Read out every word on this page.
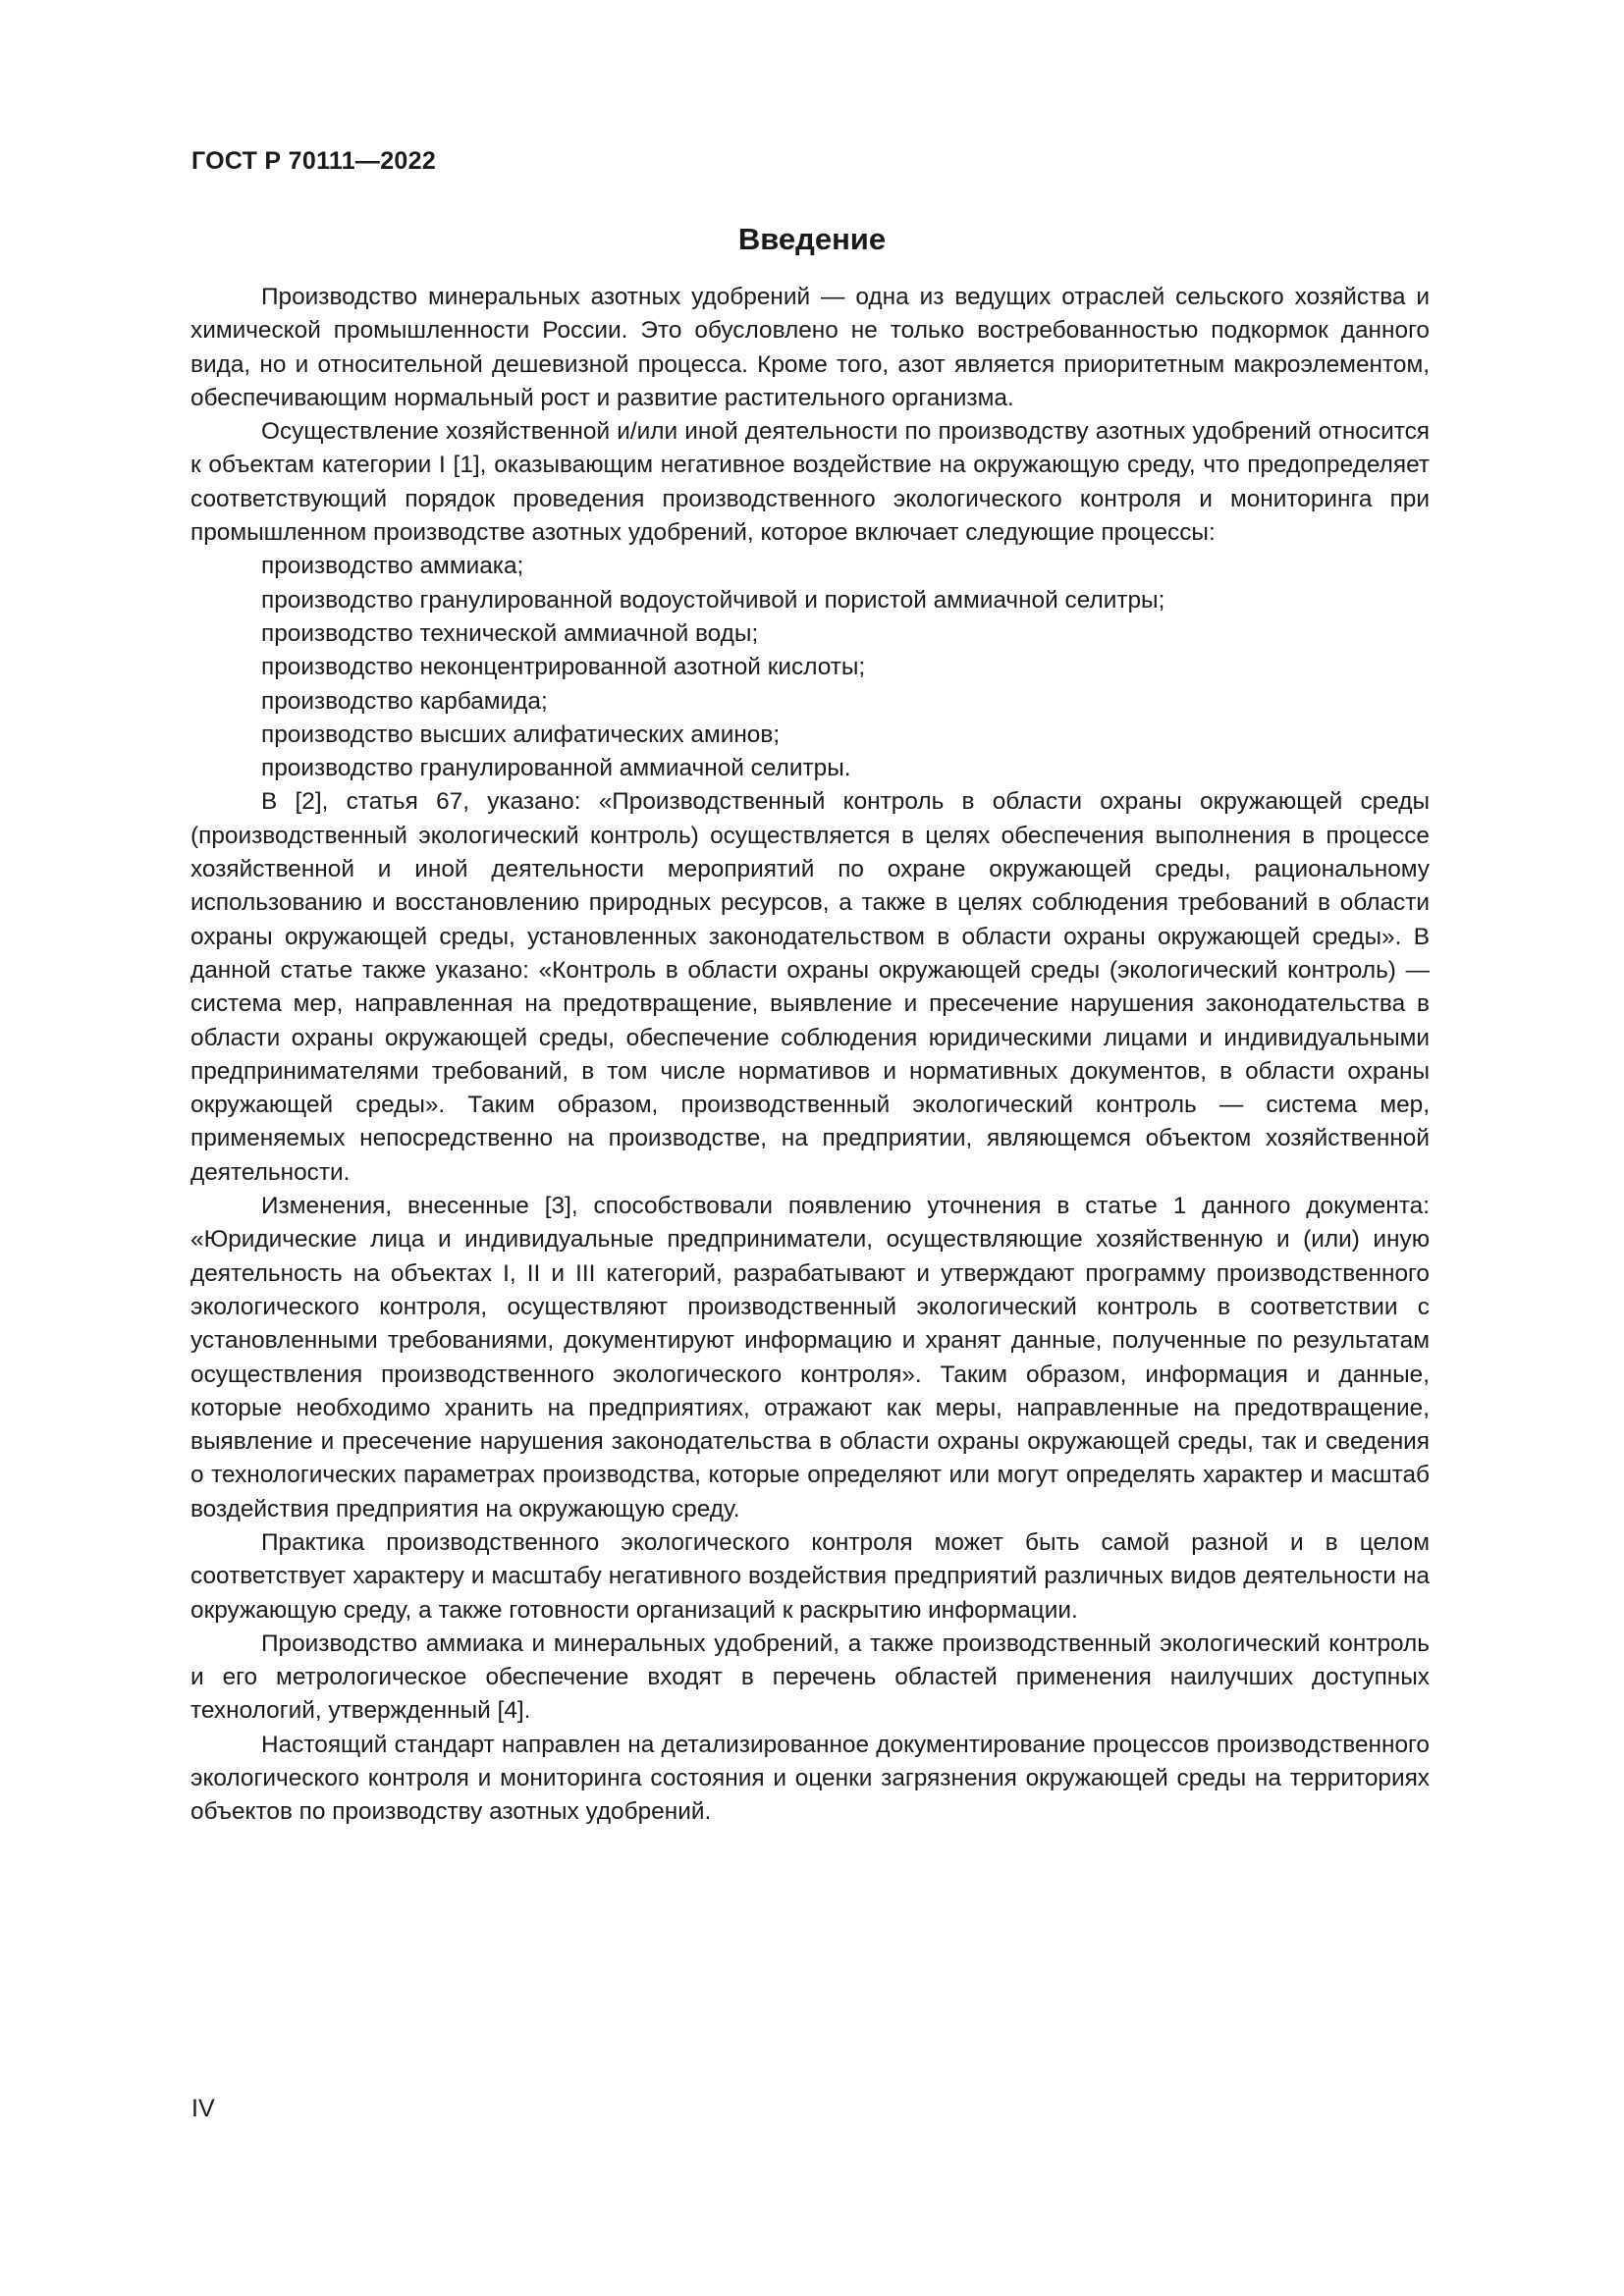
ГОСТ Р 70111—2022
Введение

Производство минеральных азотных удобрений — одна из ведущих отраслей сельского хозяйства и химической промышленности России. Это обусловлено не только востребованностью подкормок данного вида, но и относительной дешевизной процесса. Кроме того, азот является приоритетным макроэлементом, обеспечивающим нормальный рост и развитие растительного организма.

Осуществление хозяйственной и/или иной деятельности по производству азотных удобрений относится к объектам категории I [1], оказывающим негативное воздействие на окружающую среду, что предопределяет соответствующий порядок проведения производственного экологического контроля и мониторинга при промышленном производстве азотных удобрений, которое включает следующие процессы:

производство аммиака;
производство гранулированной водоустойчивой и пористой аммиачной селитры;
производство технической аммиачной воды;
производство неконцентрированной азотной кислоты;
производство карбамида;
производство высших алифатических аминов;
производство гранулированной аммиачной селитры.

В [2], статья 67, указано: «Производственный контроль в области охраны окружающей среды (производственный экологический контроль) осуществляется в целях обеспечения выполнения в процессе хозяйственной и иной деятельности мероприятий по охране окружающей среды, рациональному использованию и восстановлению природных ресурсов, а также в целях соблюдения требований в области охраны окружающей среды, установленных законодательством в области охраны окружающей среды». В данной статье также указано: «Контроль в области охраны окружающей среды (экологический контроль) — система мер, направленная на предотвращение, выявление и пресечение нарушения законодательства в области охраны окружающей среды, обеспечение соблюдения юридическими лицами и индивидуальными предпринимателями требований, в том числе нормативов и нормативных документов, в области охраны окружающей среды». Таким образом, производственный экологический контроль — система мер, применяемых непосредственно на производстве, на предприятии, являющемся объектом хозяйственной деятельности.

Изменения, внесенные [3], способствовали появлению уточнения в статье 1 данного документа: «Юридические лица и индивидуальные предприниматели, осуществляющие хозяйственную и (или) иную деятельность на объектах I, II и III категорий, разрабатывают и утверждают программу производственного экологического контроля, осуществляют производственный экологический контроль в соответствии с установленными требованиями, документируют информацию и хранят данные, полученные по результатам осуществления производственного экологического контроля». Таким образом, информация и данные, которые необходимо хранить на предприятиях, отражают как меры, направленные на предотвращение, выявление и пресечение нарушения законодательства в области охраны окружающей среды, так и сведения о технологических параметрах производства, которые определяют или могут определять характер и масштаб воздействия предприятия на окружающую среду.

Практика производственного экологического контроля может быть самой разной и в целом соответствует характеру и масштабу негативного воздействия предприятий различных видов деятельности на окружающую среду, а также готовности организаций к раскрытию информации.

Производство аммиака и минеральных удобрений, а также производственный экологический контроль и его метрологическое обеспечение входят в перечень областей применения наилучших доступных технологий, утвержденный [4].

Настоящий стандарт направлен на детализированное документирование процессов производственного экологического контроля и мониторинга состояния и оценки загрязнения окружающей среды на территориях объектов по производству азотных удобрений.

IV
